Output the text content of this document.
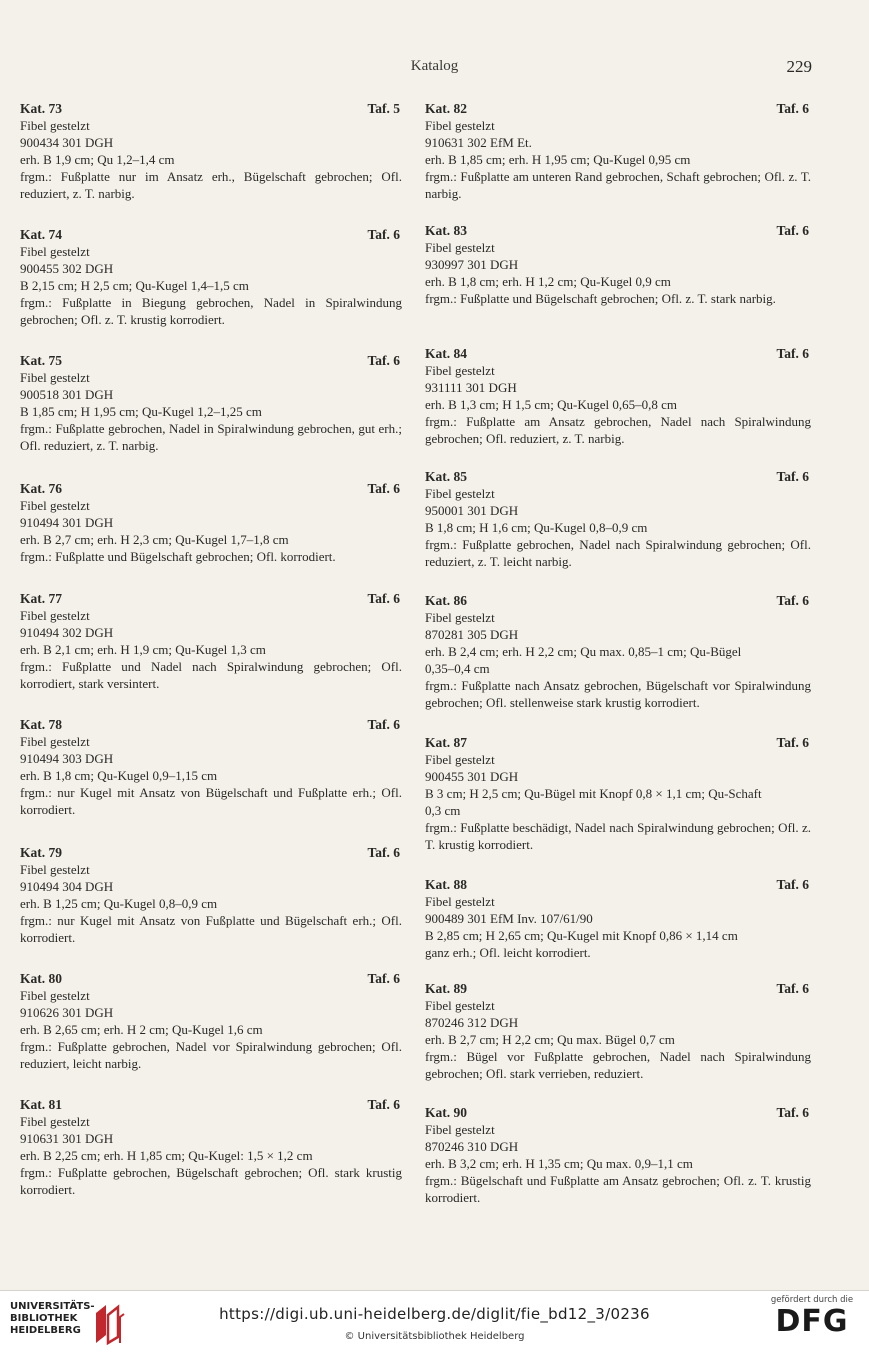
Katalog	229
Kat. 73	Taf. 5
Fibel gestelzt
900434 301 DGH
erh. B 1,9 cm; Qu 1,2–1,4 cm
frgm.: Fußplatte nur im Ansatz erh., Bügelschaft gebrochen; Ofl. reduziert, z. T. narbig.
Kat. 74	Taf. 6
Fibel gestelzt
900455 302 DGH
B 2,15 cm; H 2,5 cm; Qu-Kugel 1,4–1,5 cm
frgm.: Fußplatte in Biegung gebrochen, Nadel in Spiralwindung gebrochen; Ofl. z. T. krustig korrodiert.
Kat. 75	Taf. 6
Fibel gestelzt
900518 301 DGH
B 1,85 cm; H 1,95 cm; Qu-Kugel 1,2–1,25 cm
frgm.: Fußplatte gebrochen, Nadel in Spiralwindung gebrochen, gut erh.; Ofl. reduziert, z. T. narbig.
Kat. 76	Taf. 6
Fibel gestelzt
910494 301 DGH
erh. B 2,7 cm; erh. H 2,3 cm; Qu-Kugel 1,7–1,8 cm
frgm.: Fußplatte und Bügelschaft gebrochen; Ofl. korrodiert.
Kat. 77	Taf. 6
Fibel gestelzt
910494 302 DGH
erh. B 2,1 cm; erh. H 1,9 cm; Qu-Kugel 1,3 cm
frgm.: Fußplatte und Nadel nach Spiralwindung gebrochen; Ofl. korrodiert, stark versintert.
Kat. 78	Taf. 6
Fibel gestelzt
910494 303 DGH
erh. B 1,8 cm; Qu-Kugel 0,9–1,15 cm
frgm.: nur Kugel mit Ansatz von Bügelschaft und Fußplatte erh.; Ofl. korrodiert.
Kat. 79	Taf. 6
Fibel gestelzt
910494 304 DGH
erh. B 1,25 cm; Qu-Kugel 0,8–0,9 cm
frgm.: nur Kugel mit Ansatz von Fußplatte und Bügelschaft erh.; Ofl. korrodiert.
Kat. 80	Taf. 6
Fibel gestelzt
910626 301 DGH
erh. B 2,65 cm; erh. H 2 cm; Qu-Kugel 1,6 cm
frgm.: Fußplatte gebrochen, Nadel vor Spiralwindung gebrochen; Ofl. reduziert, leicht narbig.
Kat. 81	Taf. 6
Fibel gestelzt
910631 301 DGH
erh. B 2,25 cm; erh. H 1,85 cm; Qu-Kugel: 1,5 × 1,2 cm
frgm.: Fußplatte gebrochen, Bügelschaft gebrochen; Ofl. stark krustig korrodiert.
Kat. 82	Taf. 6
Fibel gestelzt
910631 302 EfM Et.
erh. B 1,85 cm; erh. H 1,95 cm; Qu-Kugel 0,95 cm
frgm.: Fußplatte am unteren Rand gebrochen, Schaft gebrochen; Ofl. z. T. narbig.
Kat. 83	Taf. 6
Fibel gestelzt
930997 301 DGH
erh. B 1,8 cm; erh. H 1,2 cm; Qu-Kugel 0,9 cm
frgm.: Fußplatte und Bügelschaft gebrochen; Ofl. z. T. stark narbig.
Kat. 84	Taf. 6
Fibel gestelzt
931111 301 DGH
erh. B 1,3 cm; H 1,5 cm; Qu-Kugel 0,65–0,8 cm
frgm.: Fußplatte am Ansatz gebrochen, Nadel nach Spiralwindung gebrochen; Ofl. reduziert, z. T. narbig.
Kat. 85	Taf. 6
Fibel gestelzt
950001 301 DGH
B 1,8 cm; H 1,6 cm; Qu-Kugel 0,8–0,9 cm
frgm.: Fußplatte gebrochen, Nadel nach Spiralwindung gebrochen; Ofl. reduziert, z. T. leicht narbig.
Kat. 86	Taf. 6
Fibel gestelzt
870281 305 DGH
erh. B 2,4 cm; erh. H 2,2 cm; Qu max. 0,85–1 cm; Qu-Bügel
0,35–0,4 cm
frgm.: Fußplatte nach Ansatz gebrochen, Bügelschaft vor Spiralwindung gebrochen; Ofl. stellenweise stark krustig korrodiert.
Kat. 87	Taf. 6
Fibel gestelzt
900455 301 DGH
B 3 cm; H 2,5 cm; Qu-Bügel mit Knopf 0,8 × 1,1 cm; Qu-Schaft
0,3 cm
frgm.: Fußplatte beschädigt, Nadel nach Spiralwindung gebrochen; Ofl. z. T. krustig korrodiert.
Kat. 88	Taf. 6
Fibel gestelzt
900489 301 EfM Inv. 107/61/90
B 2,85 cm; H 2,65 cm; Qu-Kugel mit Knopf 0,86 × 1,14 cm
ganz erh.; Ofl. leicht korrodiert.
Kat. 89	Taf. 6
Fibel gestelzt
870246 312 DGH
erh. B 2,7 cm; H 2,2 cm; Qu max. Bügel 0,7 cm
frgm.: Bügel vor Fußplatte gebrochen, Nadel nach Spiralwindung gebrochen; Ofl. stark verrieben, reduziert.
Kat. 90	Taf. 6
Fibel gestelzt
870246 310 DGH
erh. B 3,2 cm; erh. H 1,35 cm; Qu max. 0,9–1,1 cm
frgm.: Bügelschaft und Fußplatte am Ansatz gebrochen; Ofl. z. T. krustig korrodiert.
UNIVERSITÄTS-
BIBLIOTHEK
HEIDELBERG
https://digi.ub.uni-heidelberg.de/diglit/fie_bd12_3/0236
© Universitätsbibliothek Heidelberg
gefördert durch die
DFG
